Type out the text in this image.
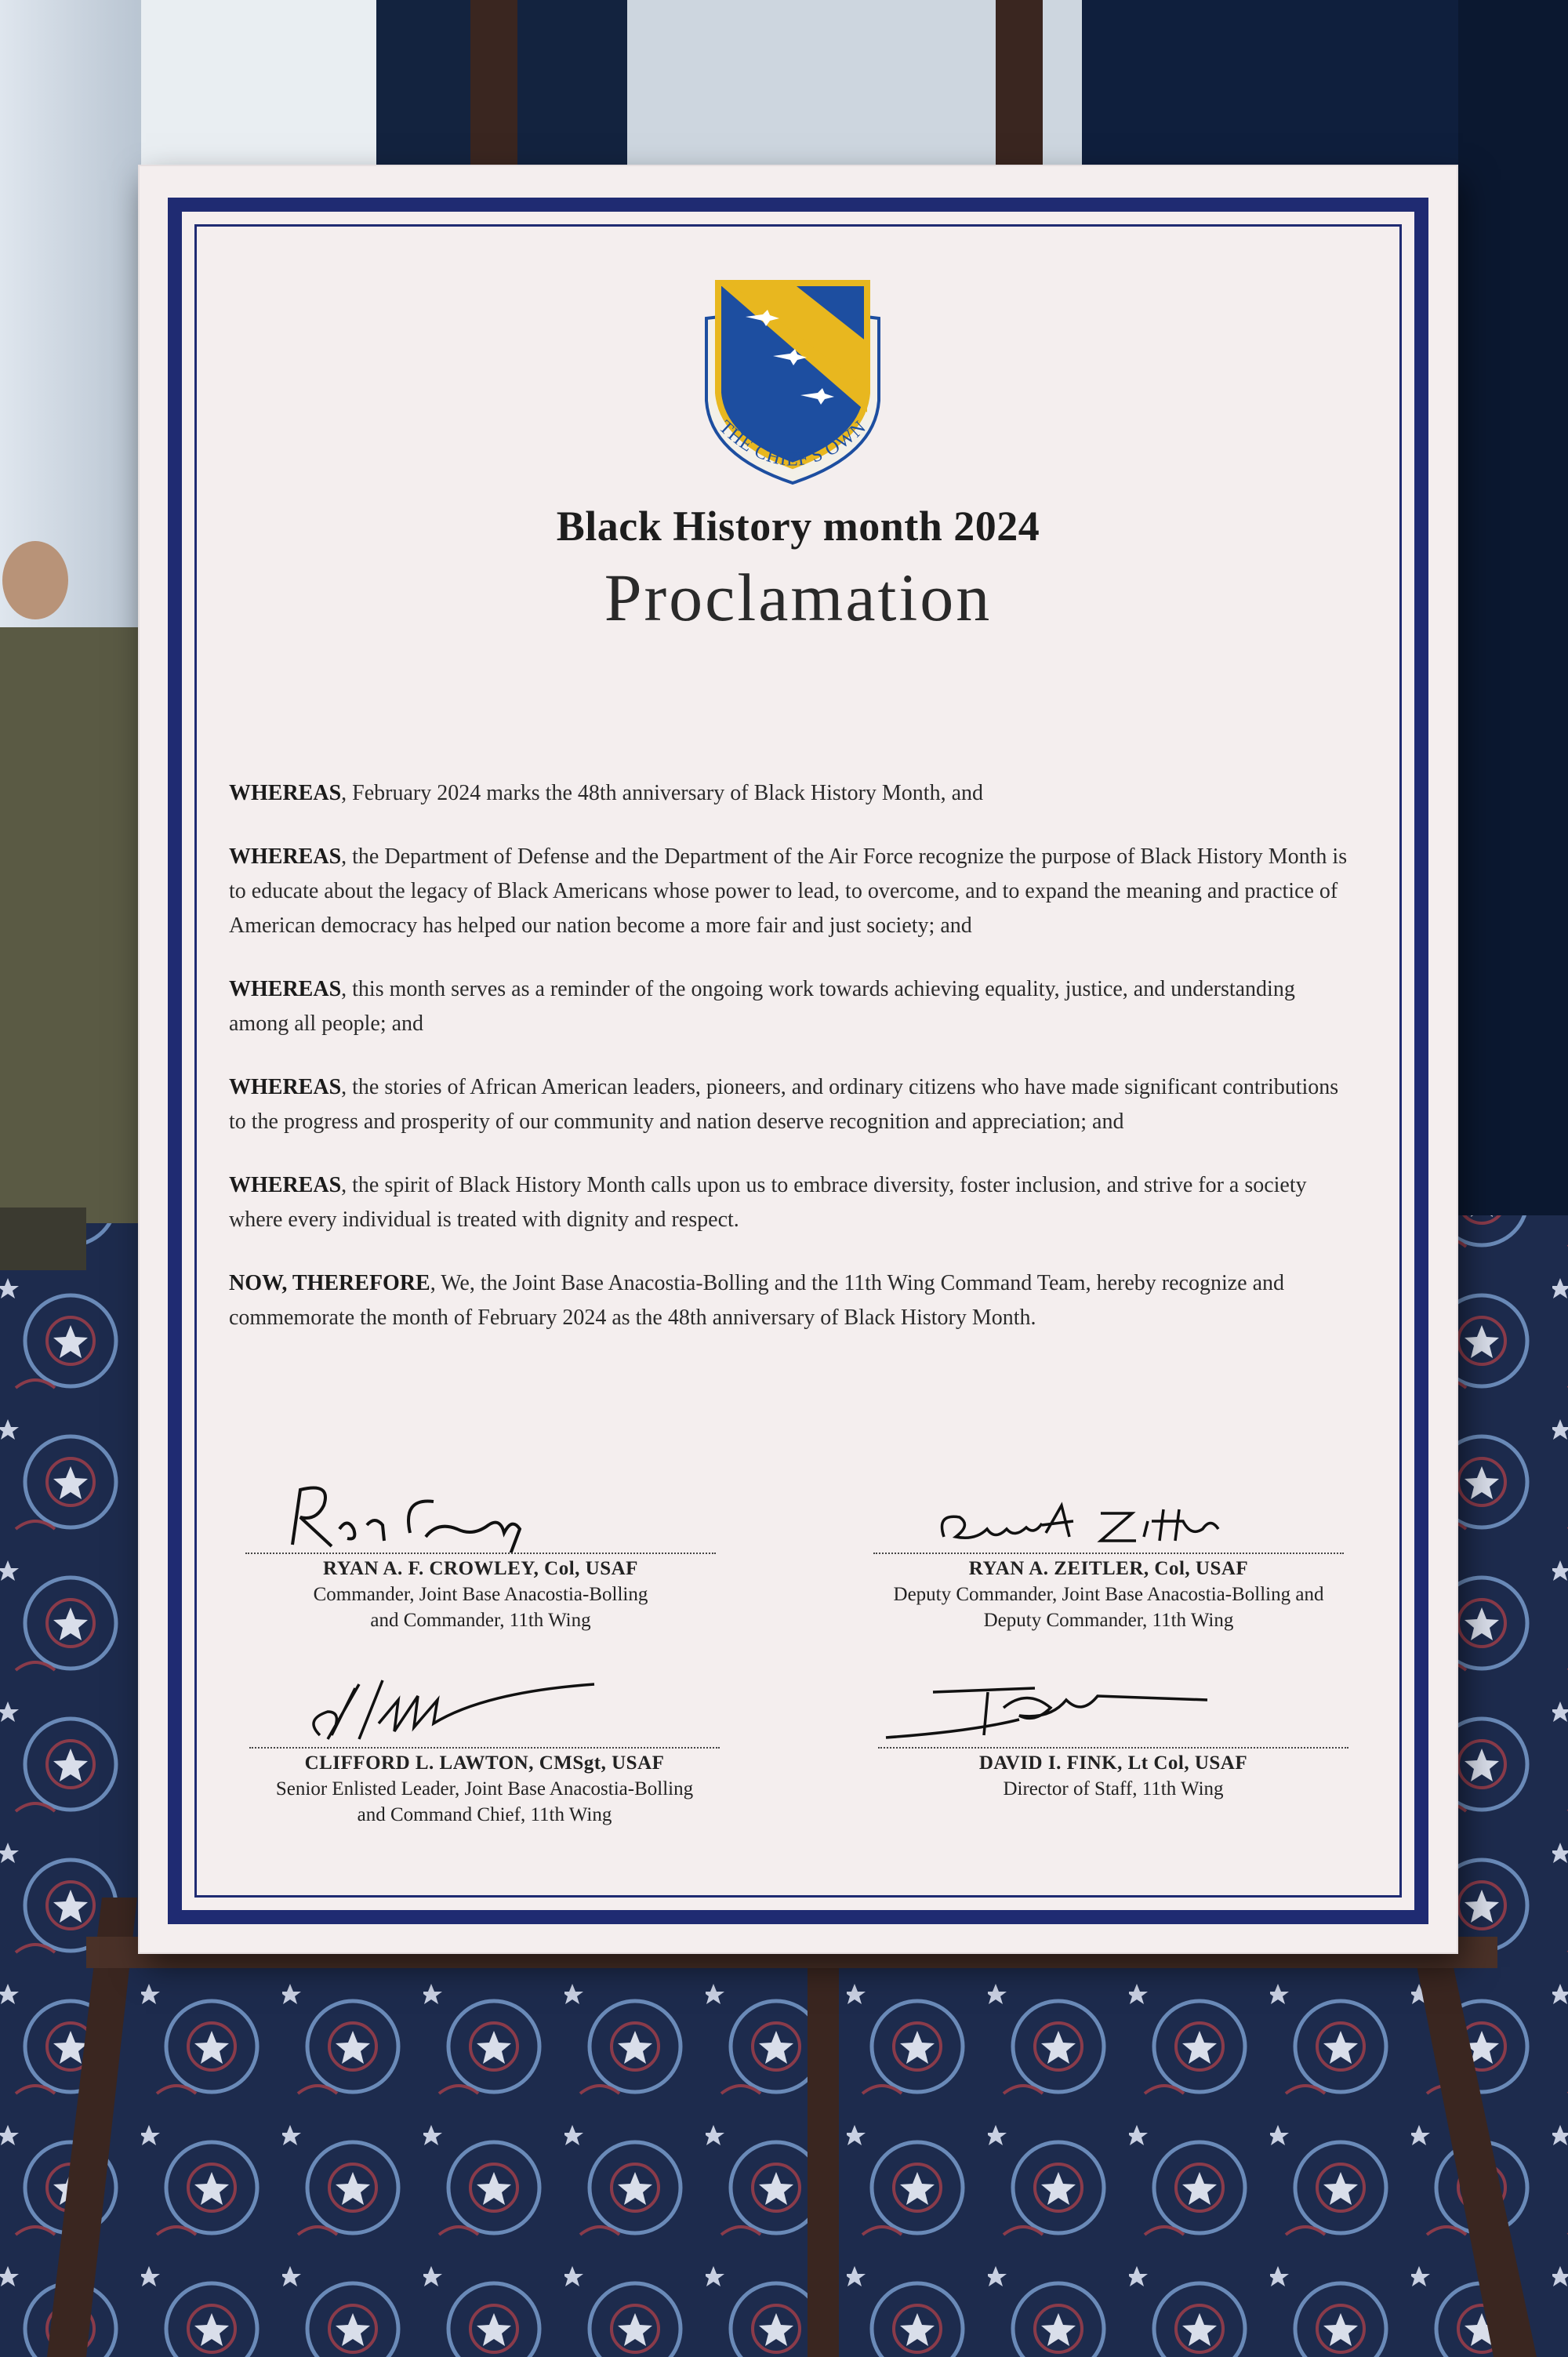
THE CHIEF'S OWN
Black History month 2024
Proclamation

WHEREAS, February 2024 marks the 48th anniversary of Black History Month, and

WHEREAS, the Department of Defense and the Department of the Air Force recognize the purpose of Black History Month is to educate about the legacy of Black Americans whose power to lead, to overcome, and to expand the meaning and practice of American democracy has helped our nation become a more fair and just society; and

WHEREAS, this month serves as a reminder of the ongoing work towards achieving equality, justice, and understanding among all people; and

WHEREAS, the stories of African American leaders, pioneers, and ordinary citizens who have made significant contributions to the progress and prosperity of our community and nation deserve recognition and appreciation; and

WHEREAS, the spirit of Black History Month calls upon us to embrace diversity, foster inclusion, and strive for a society where every individual is treated with dignity and respect.

NOW, THEREFORE, We, the Joint Base Anacostia-Bolling and the 11th Wing Command Team, hereby recognize and commemorate the month of February 2024 as the 48th anniversary of Black History Month.

RYAN A. F. CROWLEY, Col, USAF
Commander, Joint Base Anacostia-Bolling
and Commander, 11th Wing
RYAN A. ZEITLER, Col, USAF
Deputy Commander, Joint Base Anacostia-Bolling and
Deputy Commander, 11th Wing
CLIFFORD L. LAWTON, CMSgt, USAF
Senior Enlisted Leader, Joint Base Anacostia-Bolling
and Command Chief, 11th Wing
DAVID I. FINK, Lt Col, USAF
Director of Staff, 11th Wing
